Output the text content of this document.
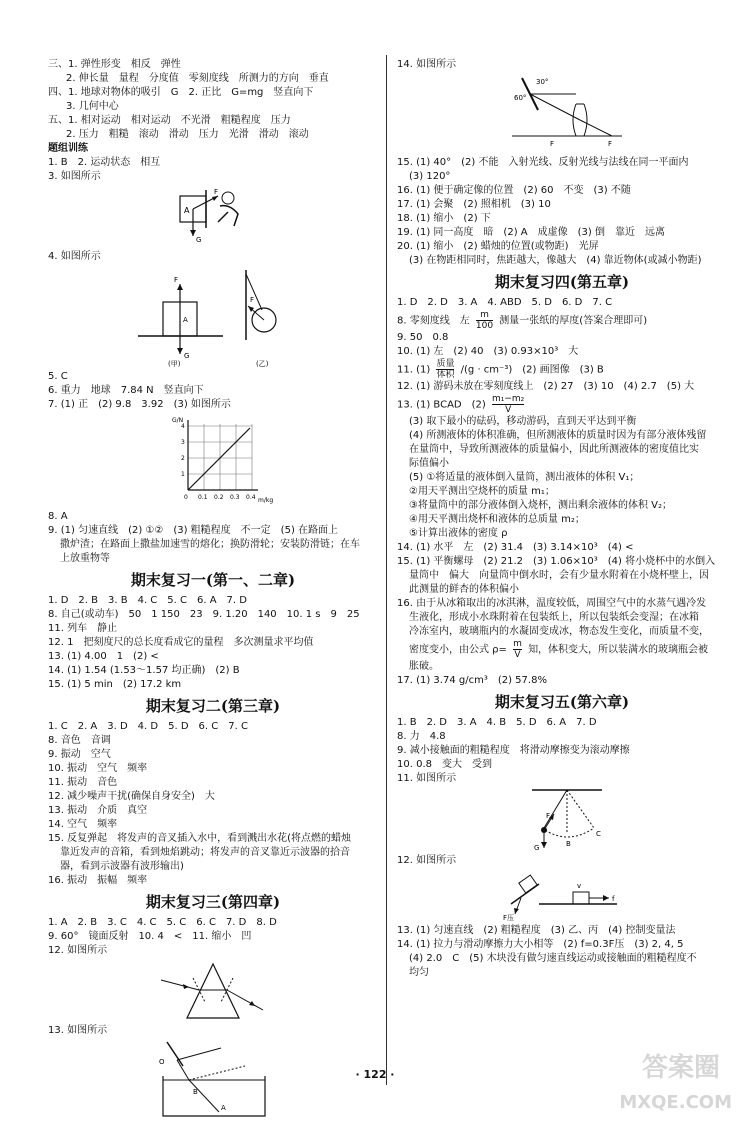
三、1. 弹性形变　相反　弹性
2. 伸长量　量程　分度值　零刻度线　所测力的方向　垂直
四、1. 地球对物体的吸引　G　2. 正比　G=mg　竖直向下
3. 几何中心
五、1. 相对运动　相对运动　不光滑　粗糙程度　压力
2. 压力　粗糙　滚动　滑动　压力　光滑　滑动　滚动
题组训练
1. B　2. 运动状态　相互
3. 如图所示
A
F
G
4. 如图所示
F
A
G
(甲)
F
(乙)
5. C
6. 重力　地球　7.84 N　竖直向下
7. (1) 正　(2) 9.8　3.92　(3) 如图所示
G/N
m/kg
1
2
3
4
0 0.1 0.2 0.3 0.4
8. A
9. (1) 匀速直线　(2) ①②　(3) 粗糙程度　不一定　(5) 在路面上
撒炉渣；在路面上撒盐加速雪的熔化；换防滑轮；安装防滑链；在车
上放重物等
期末复习一(第一、二章)
1. D　2. B　3. B　4. C　5. C　6. A　7. D
8. 自己(或动车)　50　1 150　23　9. 1.20　140　10. 1 s　9　25
11. 列车　静止
12. 1　把刻度尺的总长度看成它的量程　多次测量求平均值
13. (1) 4.00　1　(2) <
14. (1) 1.54 (1.53～1.57 均正确)　(2) B
15. (1) 5 min　(2) 17.2 km
期末复习二(第三章)
1. C　2. A　3. D　4. D　5. D　6. C　7. C
8. 音色　音调
9. 振动　空气
10. 振动　空气　频率
11. 振动　音色
12. 减少噪声干扰(确保自身安全)　大
13. 振动　介质　真空
14. 空气　频率
15. 反复弹起　将发声的音叉插入水中，看到溅出水花(将点燃的蜡烛
靠近发声的音箱，看到烛焰跳动；将发声的音叉靠近示波器的拾音
器，看到示波器有波形输出)
16. 振动　振幅　频率
期末复习三(第四章)
1. A　2. B　3. C　4. C　5. C　6. C　7. D　8. D
9. 60°　镜面反射　10. 4　<　11. 缩小　凹
12. 如图所示
13. 如图所示
O
B
A
14. 如图所示
30°
60°
F	F
15. (1) 40°　(2) 不能　入射光线、反射光线与法线在同一平面内
(3) 120°
16. (1) 便于确定像的位置　(2) 60　不变　(3) 不随
17. (1) 会聚　(2) 照相机　(3) 10
18. (1) 缩小　(2) 下
19. (1) 同一高度　暗　(2) A　成虚像　(3) 倒　靠近　远离
20. (1) 缩小　(2) 蜡烛的位置(或物距)　光屏
(3) 在物距相同时，焦距越大，像越大　(4) 靠近物体(或减小物距)
期末复习四(第五章)
1. D　2. D　3. A　4. ABD　5. D　6. D　7. C
8. 零刻度线　左 $\frac{m}{100}$ 测量一张纸的厚度(答案合理即可)
9. 50　0.8
10. (1) 左　(2) 40　(3) 0.93×10³　大
11. $(1) \frac{\text{质量}}{\text{体积}} /(g \cdot cm^{-3})$　(2) 画图像　(3) B
12. (1) 游码未放在零刻度线上　(2) 27　(3) 10　(4) 2.7　(5) 大
13. (1) BCAD　$(2) \frac{\text{m₁−m₂}}{V}$
(3) 取下最小的砝码，移动游码，直到天平达到平衡
(4) 所测液体的体积准确，但所测液体的质量时因为有部分液体残留
在量筒中，导致所测液体的质量偏小，因此所测液体的密度值比实
际值偏小
(5) ①将适量的液体倒入量筒，测出液体的体积 V₁；
②用天平测出空烧杯的质量 m₁；
③将量筒中的部分液体倒入烧杯，测出剩余液体的体积 V₂；
④用天平测出烧杯和液体的总质量 m₂；
⑤计算出液体的密度 ρ
14. (1) 水平　左　(2) 31.4　(3) 3.14×10³　(4) <
15. (1) 平衡螺母　(2) 21.2　(3) 1.06×10³　(4) 将小烧杯中的水倒入
量筒中　偏大　向量筒中倒水时，会有少量水附着在小烧杯壁上，因
此测量的鲜杏的体积偏小
16. 由于从冰箱取出的冰淇淋，温度较低，周围空气中的水蒸气遇冷发
生液化，形成小水珠附着在包装纸上，所以包装纸会变湿；在冰箱
冷冻室内，玻璃瓶内的水凝固变成冰，物态发生变化，而质量不变，
密度变小，由公式 $\rho= \frac{m}{V}$ 知，体积变大，所以装满水的玻璃瓶会被
胀破。
17. (1) 3.74 g/cm³　(2) 57.8%
期末复习五(第六章)
1. B　2. D　3. A　4. B　5. D　6. A　7. D
8. 力　4.8
9. 减小接触面的粗糙程度　将滑动摩擦变为滚动摩擦
10. 0.8　变大　受到
11. 如图所示
F
G	B
C
12. 如图所示
v
f
F压
13. (1) 匀速直线　(2) 粗糙程度　(3) 乙、丙　(4) 控制变量法
14. (1) 拉力与滑动摩擦力大小相等　(2) f=0.3F压　(3) 2, 4, 5
(4) 2.0　C　(5) 木块没有做匀速直线运动或接触面的粗糙程度不
均匀
· 122 ·	答案圈
MXQE.COM
